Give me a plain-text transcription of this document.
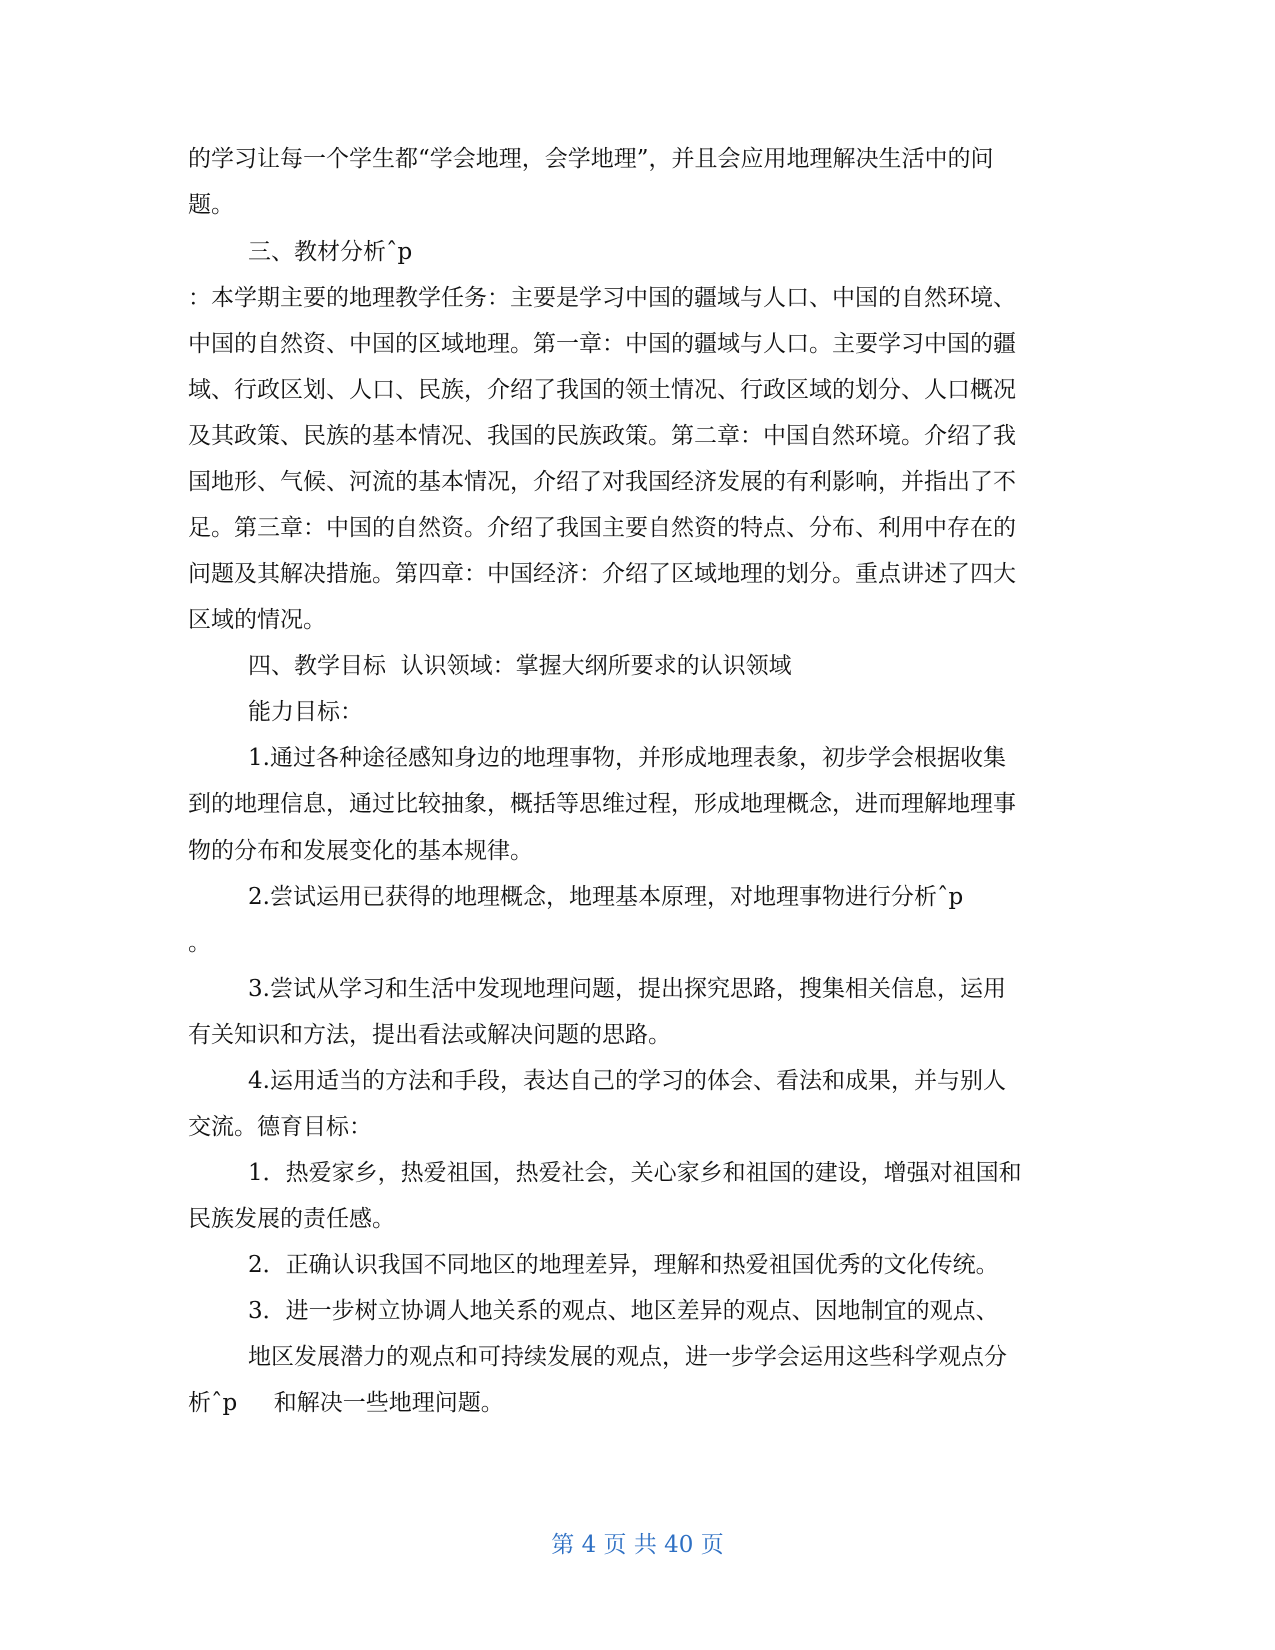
的学习让每一个学生都“学会地理，会学地理”，并且会应用地理解决生活中的问
题。
三、教材分析ˆp
：本学期主要的地理教学任务：主要是学习中国的疆域与人口、中国的自然环境、
中国的自然资、中国的区域地理。第一章：中国的疆域与人口。主要学习中国的疆
域、行政区划、人口、民族，介绍了我国的领土情况、行政区域的划分、人口概况
及其政策、民族的基本情况、我国的民族政策。第二章：中国自然环境。介绍了我
国地形、气候、河流的基本情况，介绍了对我国经济发展的有利影响，并指出了不
足。第三章：中国的自然资。介绍了我国主要自然资的特点、分布、利用中存在的
问题及其解决措施。第四章：中国经济：介绍了区域地理的划分。重点讲述了四大
区域的情况。
四、教学目标  认识领域：掌握大纲所要求的认识领域
能力目标：
1.通过各种途径感知身边的地理事物，并形成地理表象，初步学会根据收集
到的地理信息，通过比较抽象，概括等思维过程，形成地理概念，进而理解地理事
物的分布和发展变化的基本规律。
2.尝试运用已获得的地理概念，地理基本原理，对地理事物进行分析ˆp
。
3.尝试从学习和生活中发现地理问题，提出探究思路，搜集相关信息，运用
有关知识和方法，提出看法或解决问题的思路。
4.运用适当的方法和手段，表达自己的学习的体会、看法和成果，并与别人
交流。德育目标：
1．热爱家乡，热爱祖国，热爱社会，关心家乡和祖国的建设，增强对祖国和
民族发展的责任感。
2．正确认识我国不同地区的地理差异，理解和热爱祖国优秀的文化传统。
3．进一步树立协调人地关系的观点、地区差异的观点、因地制宜的观点、
地区发展潜力的观点和可持续发展的观点，进一步学会运用这些科学观点分
析ˆp     和解决一些地理问题。
第 4 页 共 40 页
